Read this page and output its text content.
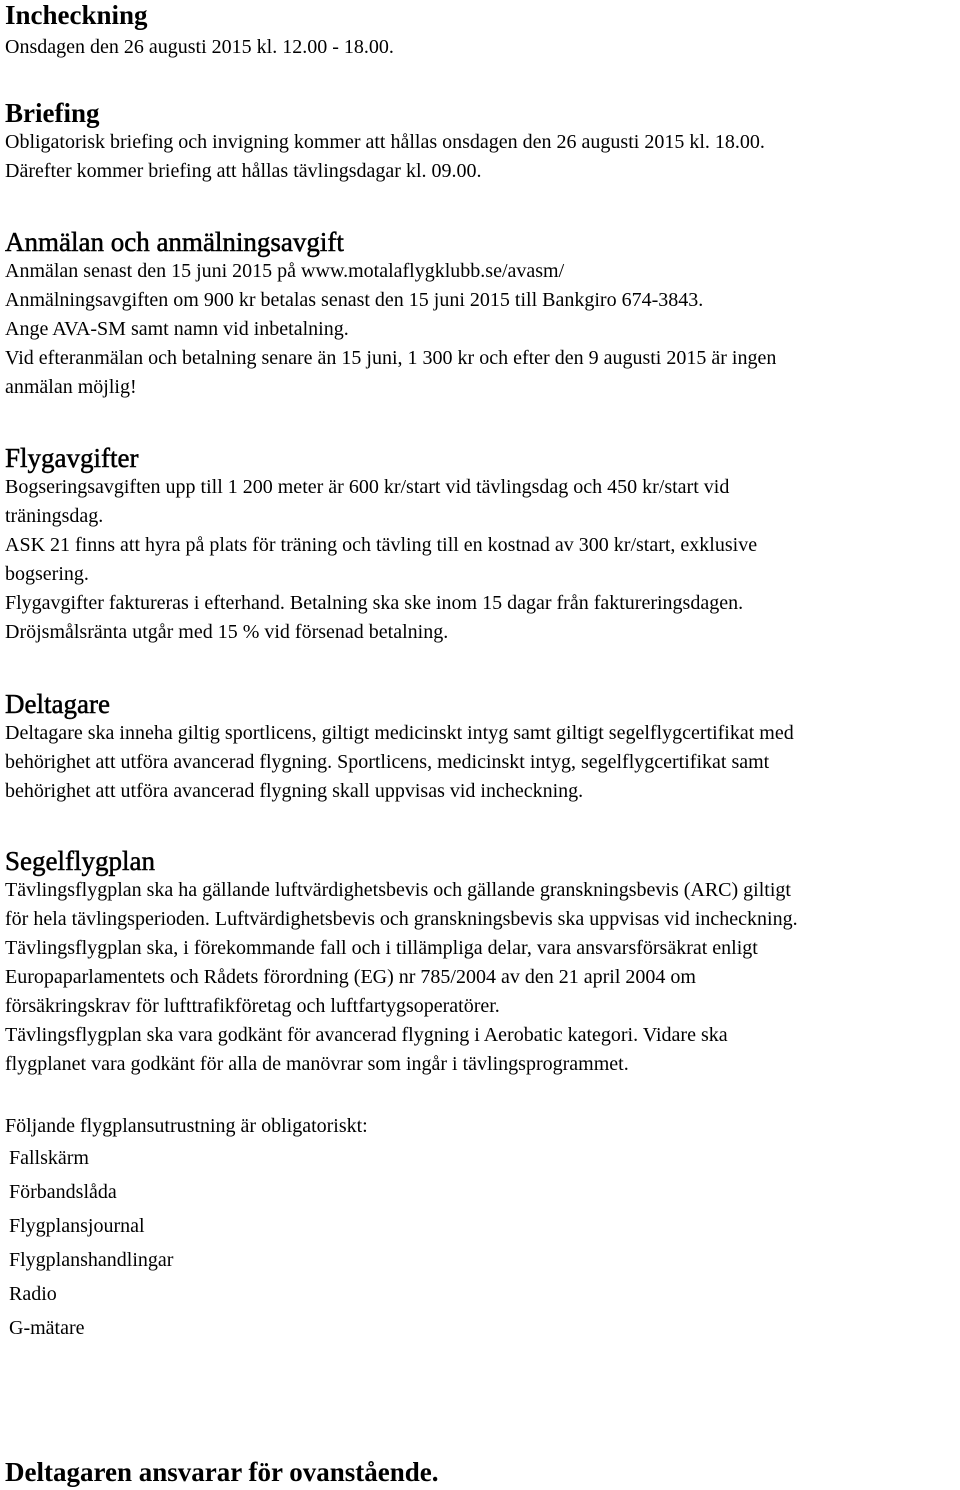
Incheckning
Onsdagen den 26 augusti 2015 kl. 12.00 - 18.00.
Briefing
Obligatorisk briefing och invigning kommer att hållas onsdagen den 26 augusti 2015 kl. 18.00.
Därefter kommer briefing att hållas tävlingsdagar kl. 09.00.
Anmälan och anmälningsavgift
Anmälan senast den 15 juni 2015 på www.motalaflygklubb.se/avasm/
Anmälningsavgiften om 900 kr betalas senast den 15 juni 2015 till Bankgiro 674-3843.
Ange AVA-SM samt namn vid inbetalning.
Vid efteranmälan och betalning senare än 15 juni, 1 300 kr och efter den 9 augusti 2015 är ingen
anmälan möjlig!
Flygavgifter
Bogseringsavgiften upp till 1 200 meter är 600 kr/start vid tävlingsdag och 450 kr/start vid
träningsdag.
ASK 21 finns att hyra på plats för träning och tävling till en kostnad av 300 kr/start, exklusive
bogsering.
Flygavgifter faktureras i efterhand. Betalning ska ske inom 15 dagar från faktureringsdagen.
Dröjsmålsränta utgår med 15 % vid försenad betalning.
Deltagare
Deltagare ska inneha giltig sportlicens, giltigt medicinskt intyg samt giltigt segelflygcertifikat med
behörighet att utföra avancerad flygning. Sportlicens, medicinskt intyg, segelflygcertifikat samt
behörighet att utföra avancerad flygning skall uppvisas vid incheckning.
Segelflygplan
Tävlingsflygplan ska ha gällande luftvärdighetsbevis och gällande granskningsbevis (ARC) giltigt
för hela tävlingsperioden. Luftvärdighetsbevis och granskningsbevis ska uppvisas vid incheckning.
Tävlingsflygplan ska, i förekommande fall och i tillämpliga delar, vara ansvarsförsäkrat enligt
Europaparlamentets och Rådets förordning (EG) nr 785/2004 av den 21 april 2004 om
försäkringskrav för lufttrafikföretag och luftfartygsoperatörer.
Tävlingsflygplan ska vara godkänt för avancerad flygning i Aerobatic kategori. Vidare ska
flygplanet vara godkänt för alla de manövrar som ingår i tävlingsprogrammet.
Följande flygplansutrustning är obligatoriskt:
Fallskärm
Förbandslåda
Flygplansjournal
Flygplanshandlingar
Radio
G-mätare
Deltagaren ansvarar för ovanstående.
